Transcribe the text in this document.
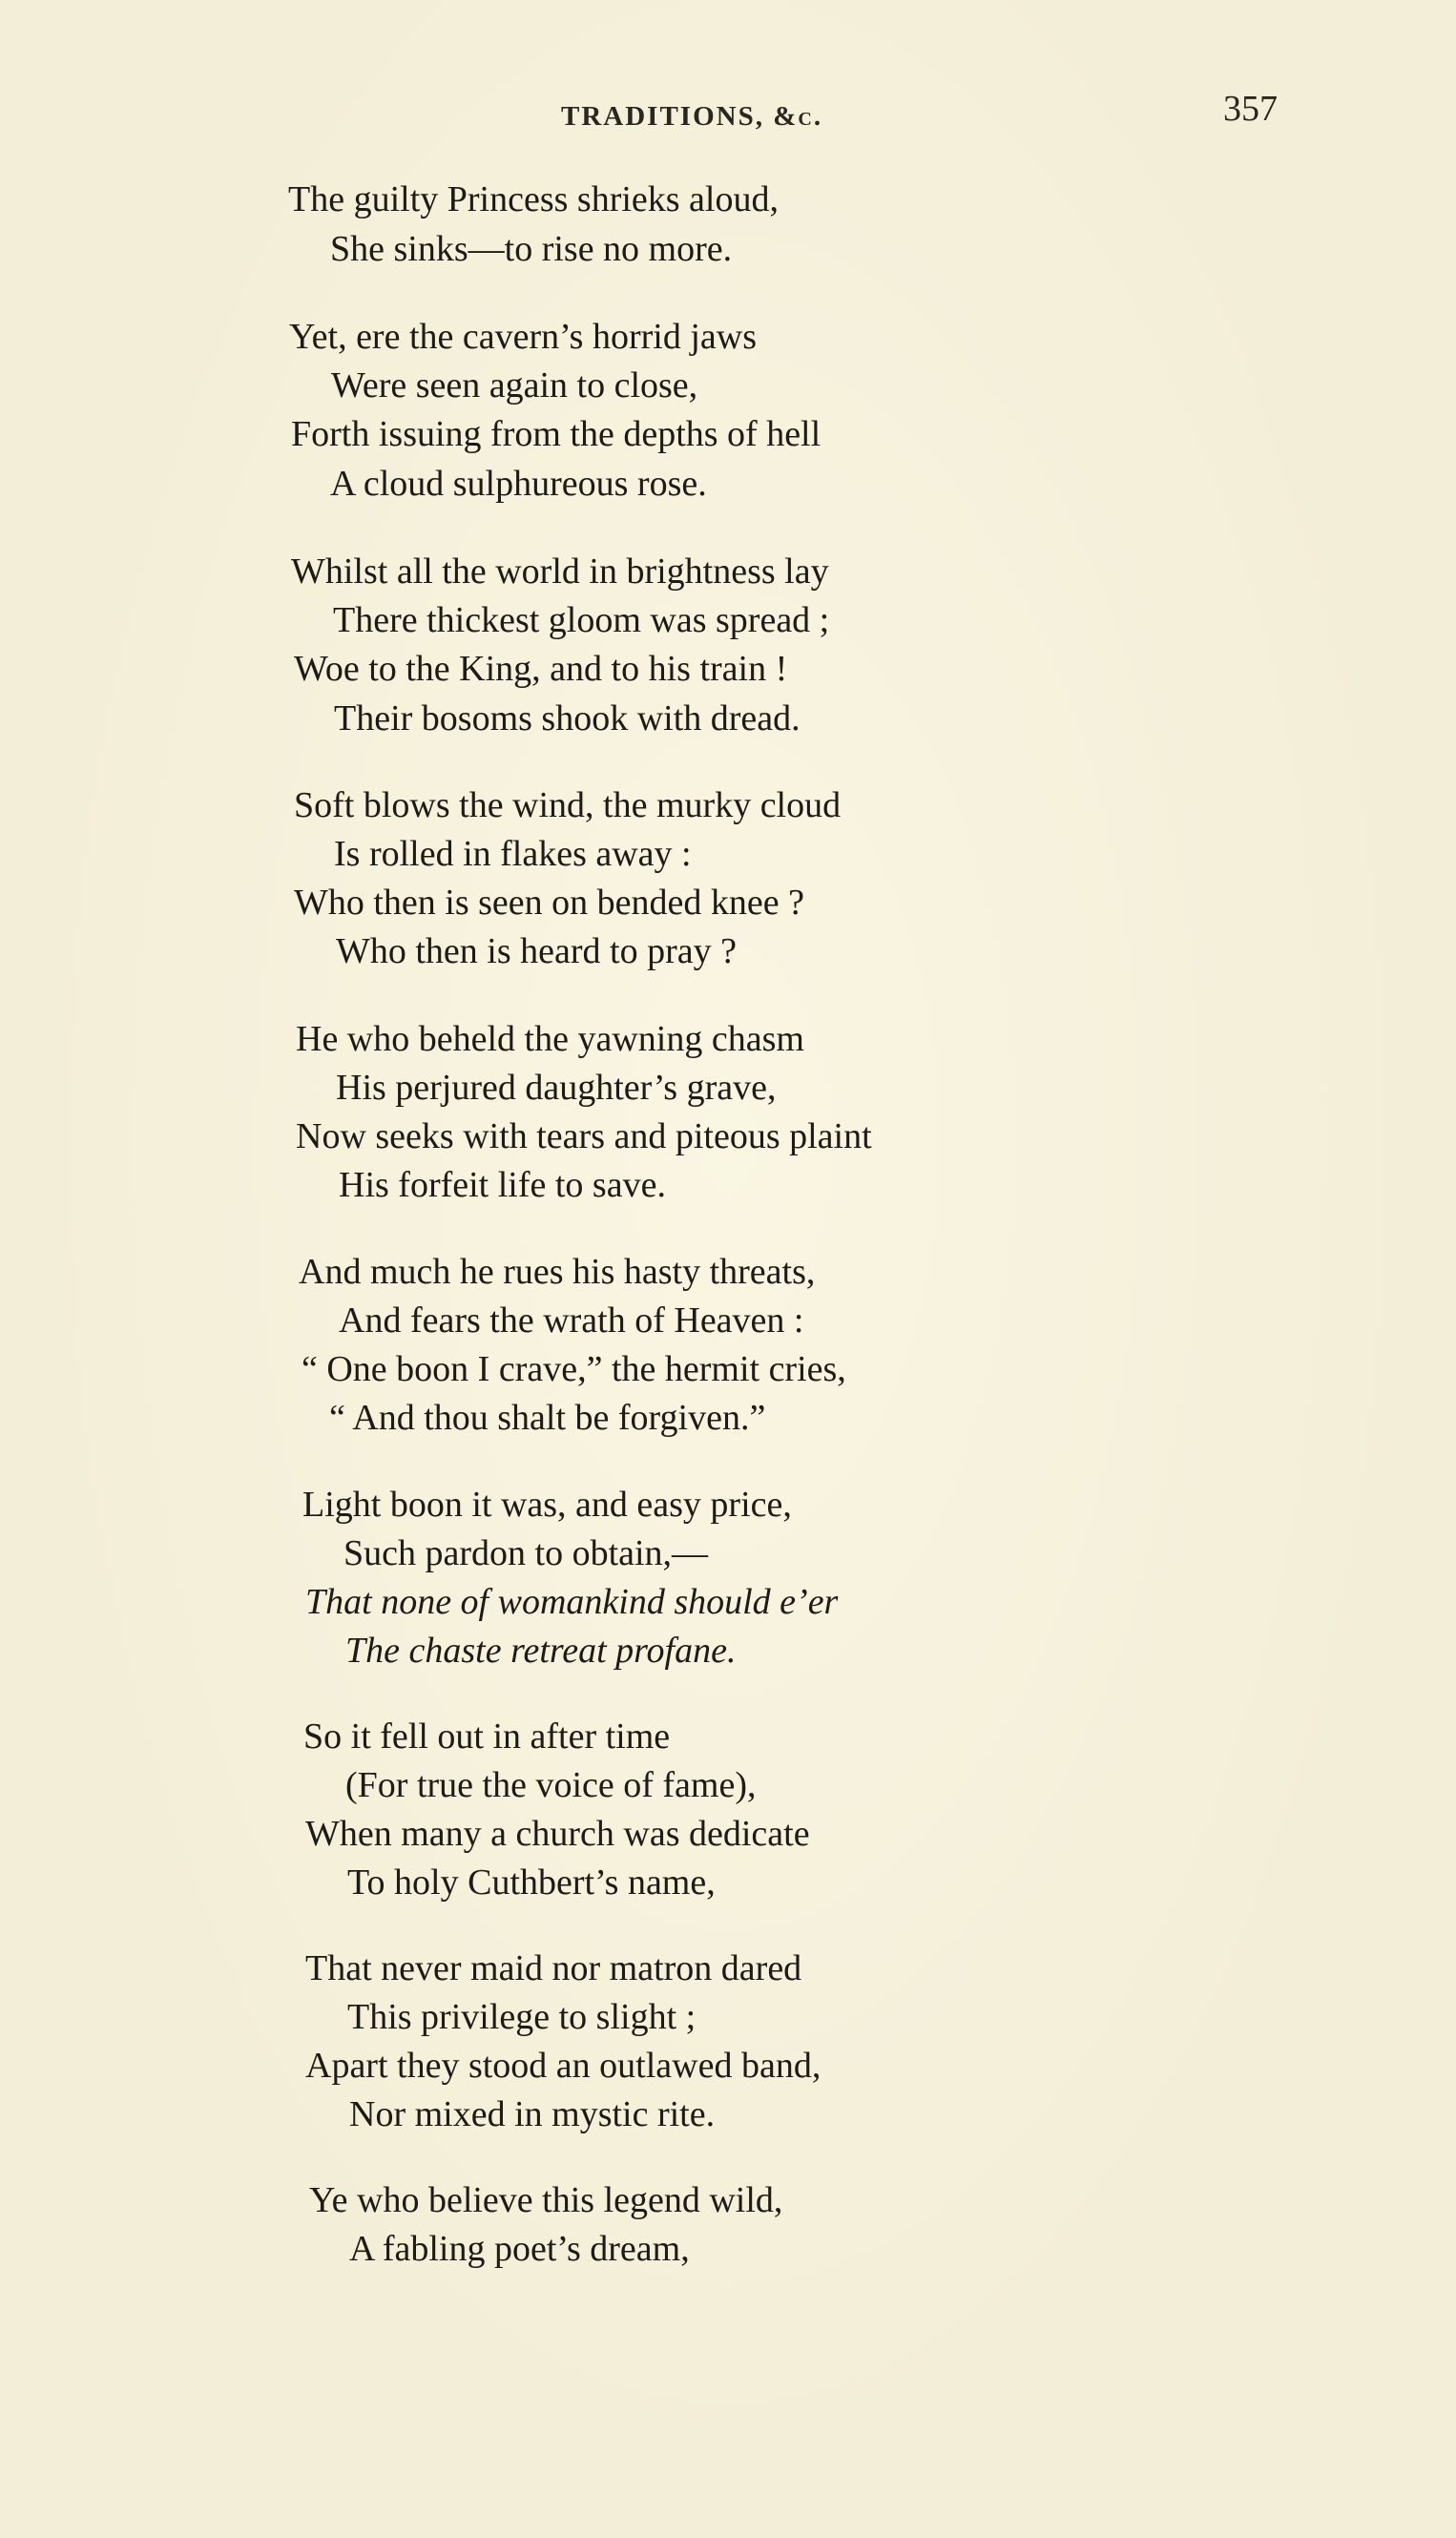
TRADITIONS, &c.	357
The guilty Princess shrieks aloud,
She sinks—to rise no more.
Yet, ere the cavern’s horrid jaws
Were seen again to close,
Forth issuing from the depths of hell
A cloud sulphureous rose.
Whilst all the world in brightness lay
There thickest gloom was spread ;
Woe to the King, and to his train !
Their bosoms shook with dread.
Soft blows the wind, the murky cloud
Is rolled in flakes away :
Who then is seen on bended knee ?
Who then is heard to pray ?
He who beheld the yawning chasm
His perjured daughter’s grave,
Now seeks with tears and piteous plaint
His forfeit life to save.
And much he rues his hasty threats,
And fears the wrath of Heaven :
“ One boon I crave,” the hermit cries,
“ And thou shalt be forgiven.”
Light boon it was, and easy price,
Such pardon to obtain,—
That none of womankind should e’er
The chaste retreat profane.
So it fell out in after time
(For true the voice of fame),
When many a church was dedicate
To holy Cuthbert’s name,
That never maid nor matron dared
This privilege to slight ;
Apart they stood an outlawed band,
Nor mixed in mystic rite.
Ye who believe this legend wild,
A fabling poet’s dream,
